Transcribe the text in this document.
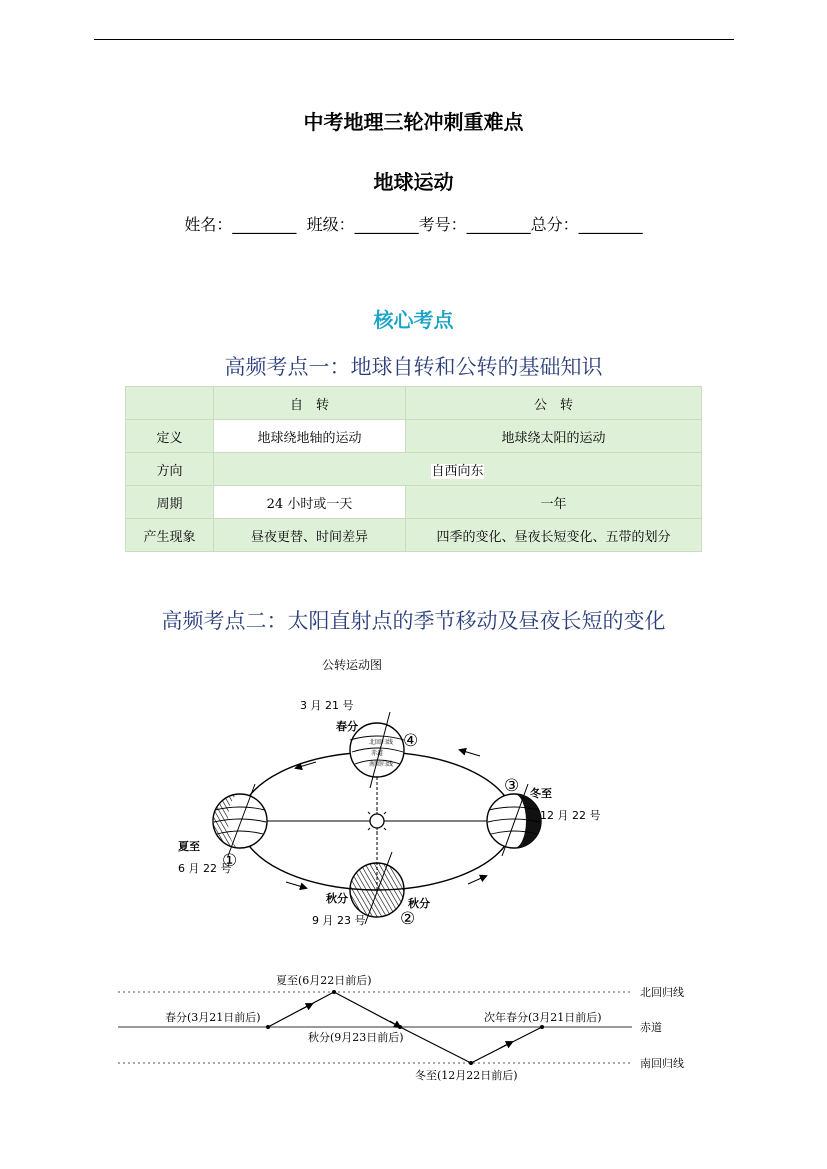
中考地理三轮冲刺重难点
地球运动
姓名：________  班级：________考号：________总分：________
核心考点
高频考点一：地球自转和公转的基础知识
	自　转	公　转
定义	地球绕地轴的运动	地球绕太阳的运动
方向	自西向东	
周期	24 小时或一天	一年
产生现象	昼夜更替、时间差异	四季的变化、昼夜长短变化、五带的划分
高频考点二：太阳直射点的季节移动及昼夜长短的变化
公转运动图
3 月 21 号
春分
④
北回归线
赤道
南回归线
③ 冬至
12 月 22 号
夏至
①
6 月 22 号
秋分	秋分
②
9 月 23 号
夏至(6月22日前后)
春分(3月21日前后)
秋分(9月23日前后)
冬至(12月22日前后)
次年春分(3月21日前后)
北回归线
赤道
南回归线
